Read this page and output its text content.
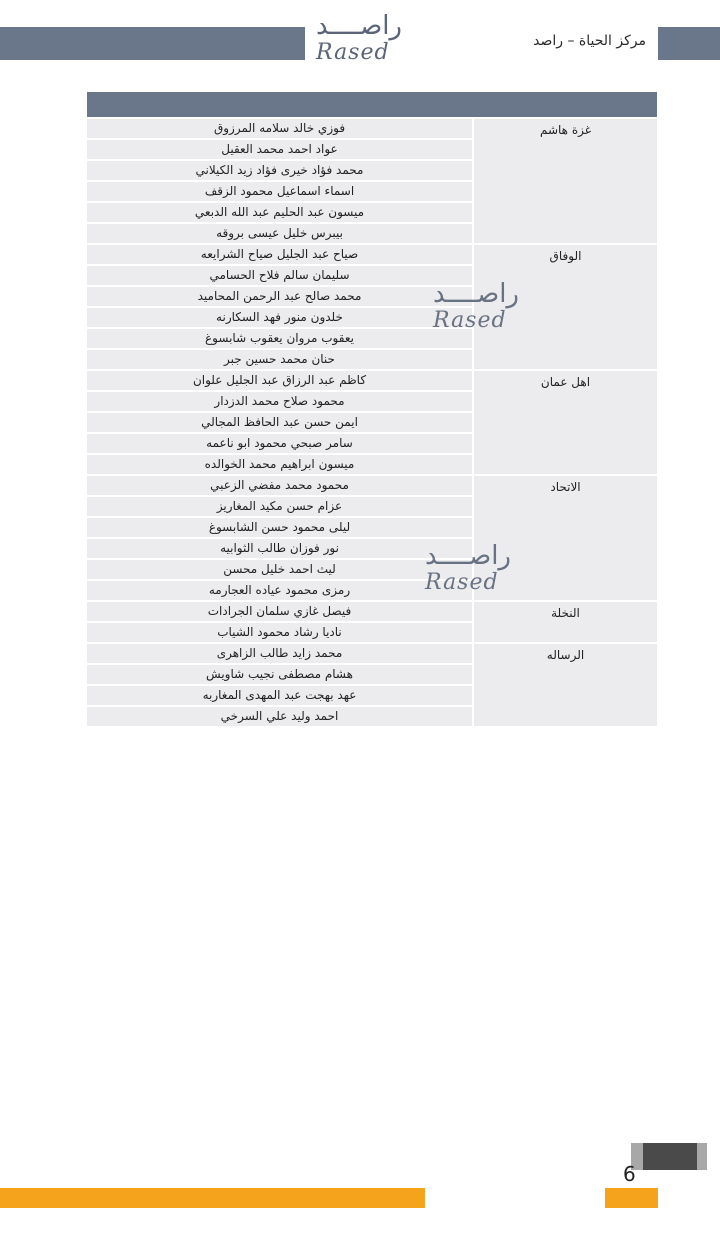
راصــــد
Rased	مركز الحياة – راصد
غزة هاشم
فوزي خالد سلامه المرزوق
عواد احمد محمد العقيل
محمد فؤاد خيرى فؤاد زيد الكيلاني
اسماء اسماعيل محمود الزقف
ميسون عبد الحليم عبد الله الدبعي
بيبرس خليل عيسى بروقه
الوفاق
صياح عبد الجليل صياح الشرايعه
سليمان سالم فلاح الحسامي
محمد صالح عبد الرحمن المحاميد
خلدون منور فهد السكارنه
يعقوب مروان يعقوب شابسوغ
حنان محمد حسين جبر
اهل عمان
كاظم عبد الرزاق عبد الجليل علوان
محمود صلاح محمد الدزدار
ايمن حسن عبد الحافظ المجالي
سامر صبحي محمود ابو ناعمه
ميسون ابراهيم محمد الخوالده
الاتحاد
محمود محمد مفضي الزعبي
عزام حسن مكيد المغاريز
ليلى محمود حسن الشابسوغ
نور فوزان طالب الثوابيه
ليث احمد خليل محسن
رمزى محمود عياده العجارمه
النخلة
فيصل غازي سلمان الجرادات
ناديا رشاد محمود الشياب
الرساله
محمد زايد طالب الزاهرى
هشام مصطفى نجيب شاويش
عهد بهجت عبد المهدى المغاربه
احمد وليد علي السرخي
راصــــد
Rased
راصــــد
Rased
6
